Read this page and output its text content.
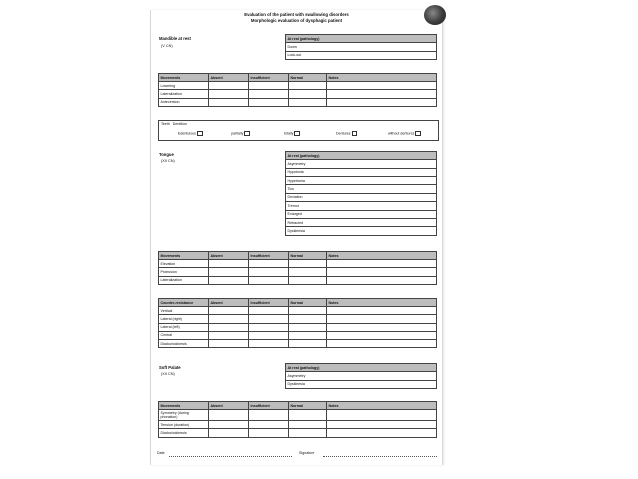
Evaluation of the patient with swallowing disorders
Morphologic evaluation of dysphagic patient
Mandible at rest
(V CN)
At rest (pathology)
Down
Lock-out
Movements	Absent	Insufficient	Normal	Notes
Lowering				
Lateralization				
Anteversion				
Teeth Dentition
Edentulous	partially	totally	Dentures	without dentures
Tongue
(XII CN)
At rest (pathology)
Asymmetry
Hypotonia
Hypertonia
Tics
Deviation
Tremor
Enlarged
Retracted
Dyskinesia
Movements	Absent	Insufficient	Normal	Notes
Elevation				
Protrusion				
Lateralization				
Counter-resistance	Absent	Insufficient	Normal	Notes
Vertical				
Lateral (right)				
Lateral (left)				
Central				
Diadochokinesis				
Soft Palate
(XII CN)
At rest (pathology)
Asymmetry
Dyskinesia
Movements	Absent	Insufficient	Normal	Notes
Symmetry (during phonation)				
Tension (duration)				
Diadochokinesis				
Date	Signature
